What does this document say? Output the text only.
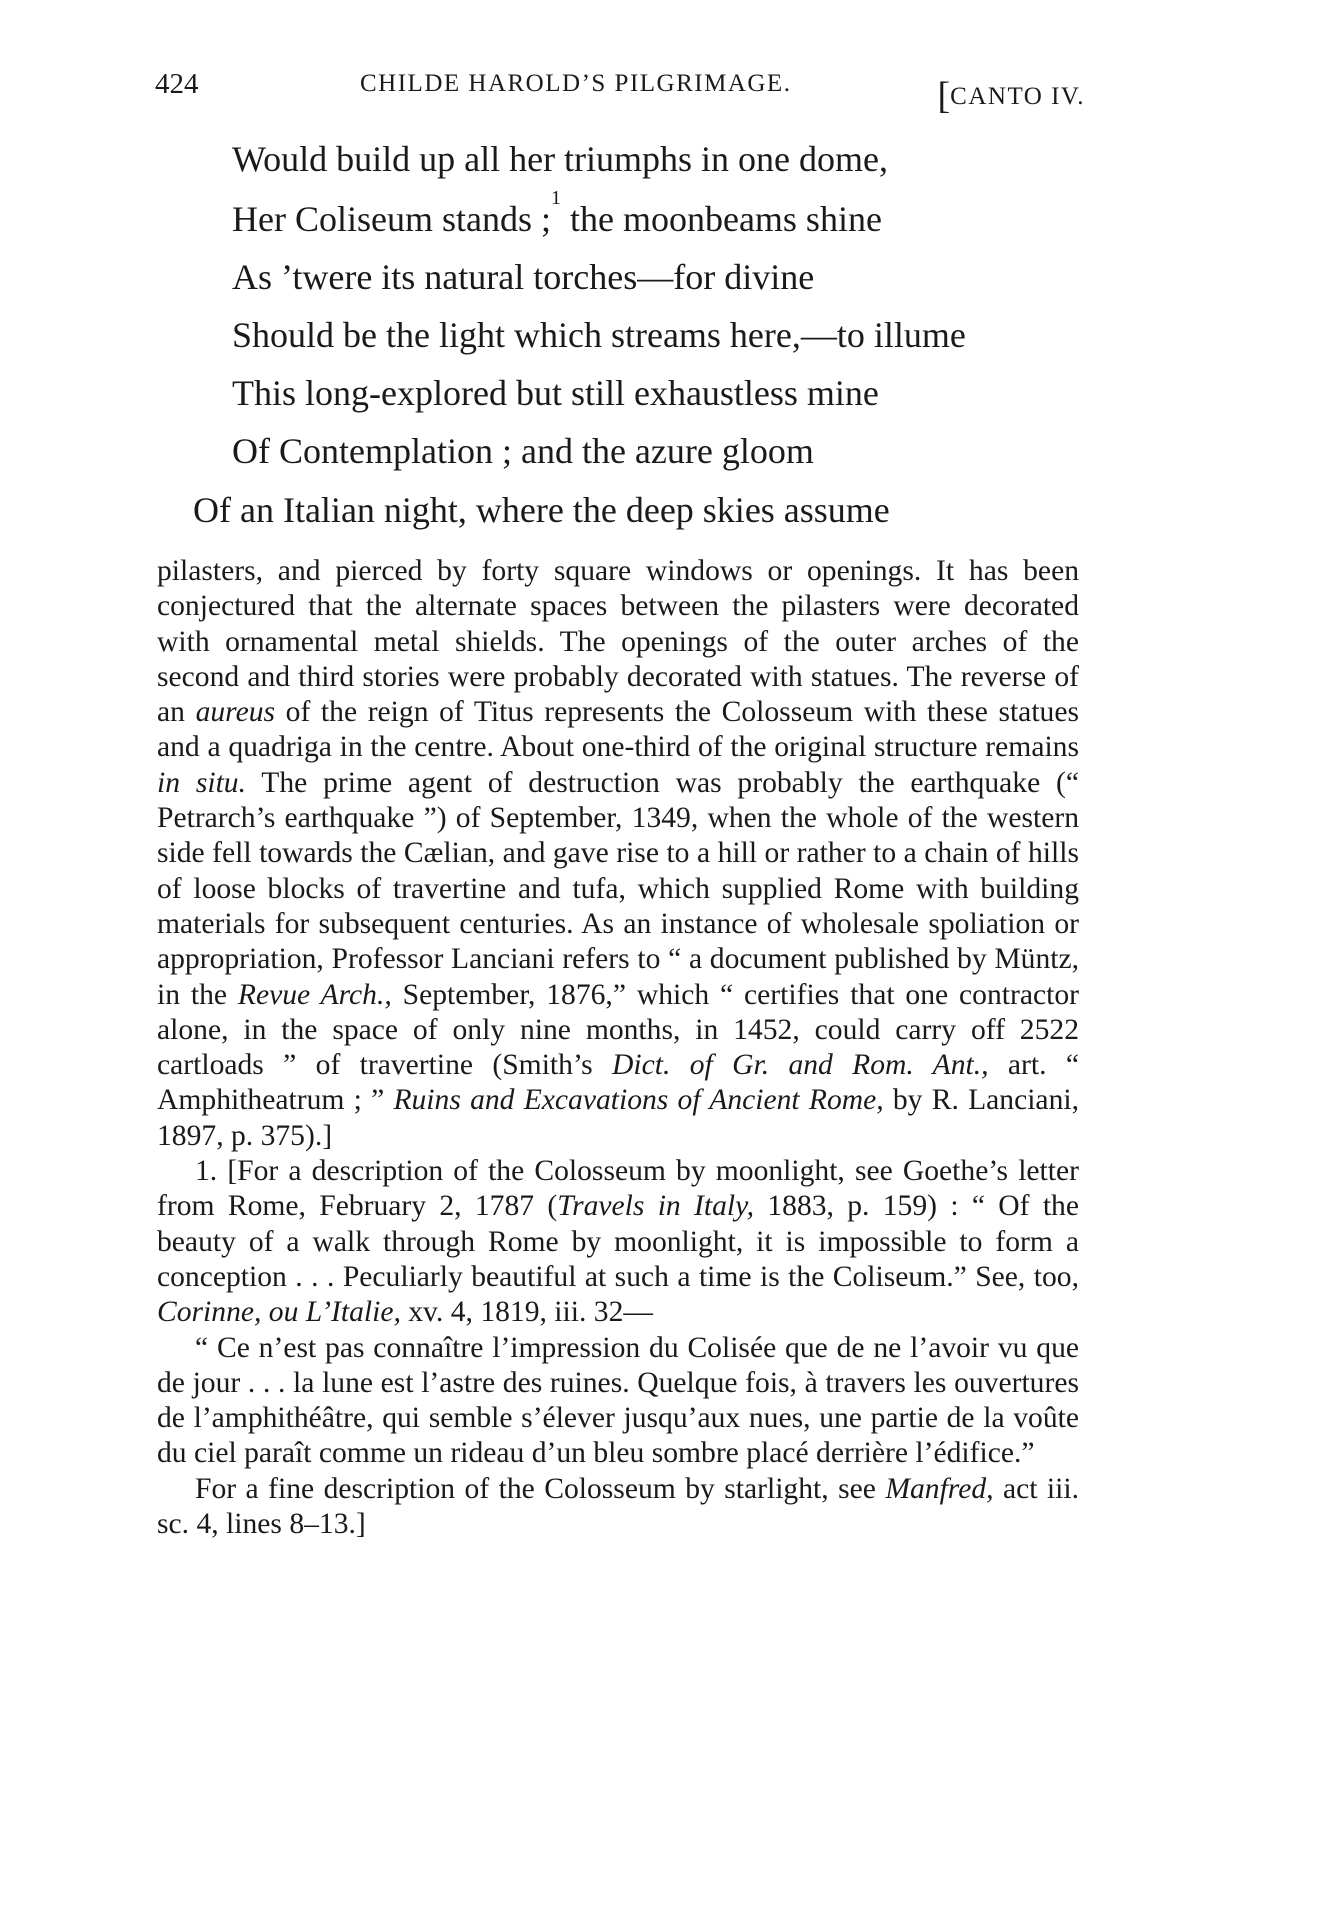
424	CHILDE HAROLD’S PILGRIMAGE.	[CANTO IV.
Would build up all her triumphs in one dome,
Her Coliseum stands ;$^1$ the moonbeams shine
As ’twere its natural torches—for divine
Should be the light which streams here,—to illume
This long-explored but still exhaustless mine
Of Contemplation ; and the azure gloom
Of an Italian night, where the deep skies assume

pilasters, and pierced by forty square windows or openings. It has been conjectured that the alternate spaces between the pilasters were decorated with ornamental metal shields. The openings of the outer arches of the second and third stories were probably decorated with statues. The reverse of an aureus of the reign of Titus represents the Colosseum with these statues and a quadriga in the centre. About one-third of the original structure remains in situ. The prime agent of destruction was probably the earthquake (“ Petrarch’s earthquake ”) of September, 1349, when the whole of the western side fell towards the Cælian, and gave rise to a hill or rather to a chain of hills of loose blocks of travertine and tufa, which supplied Rome with building materials for subsequent centuries. As an instance of wholesale spoliation or appropriation, Professor Lanciani refers to “ a document published by Müntz, in the Revue Arch., September, 1876,” which “ certifies that one contractor alone, in the space of only nine months, in 1452, could carry off 2522 cartloads ” of travertine (Smith’s Dict. of Gr. and Rom. Ant., art. “ Amphitheatrum ; ” Ruins and Excavations of Ancient Rome, by R. Lanciani, 1897, p. 375).]

1. [For a description of the Colosseum by moonlight, see Goethe’s letter from Rome, February 2, 1787 (Travels in Italy, 1883, p. 159) : “ Of the beauty of a walk through Rome by moonlight, it is impossible to form a conception . . . Peculiarly beautiful at such a time is the Coliseum.” See, too, Corinne, ou L’Italie, xv. 4, 1819, iii. 32—

“ Ce n’est pas connaître l’impression du Colisée que de ne l’avoir vu que de jour . . . la lune est l’astre des ruines. Quelque fois, à travers les ouvertures de l’amphithéâtre, qui semble s’élever jusqu’aux nues, une partie de la voûte du ciel paraît comme un rideau d’un bleu sombre placé derrière l’édifice.”

For a fine description of the Colosseum by starlight, see Manfred, act iii. sc. 4, lines 8–13.]
